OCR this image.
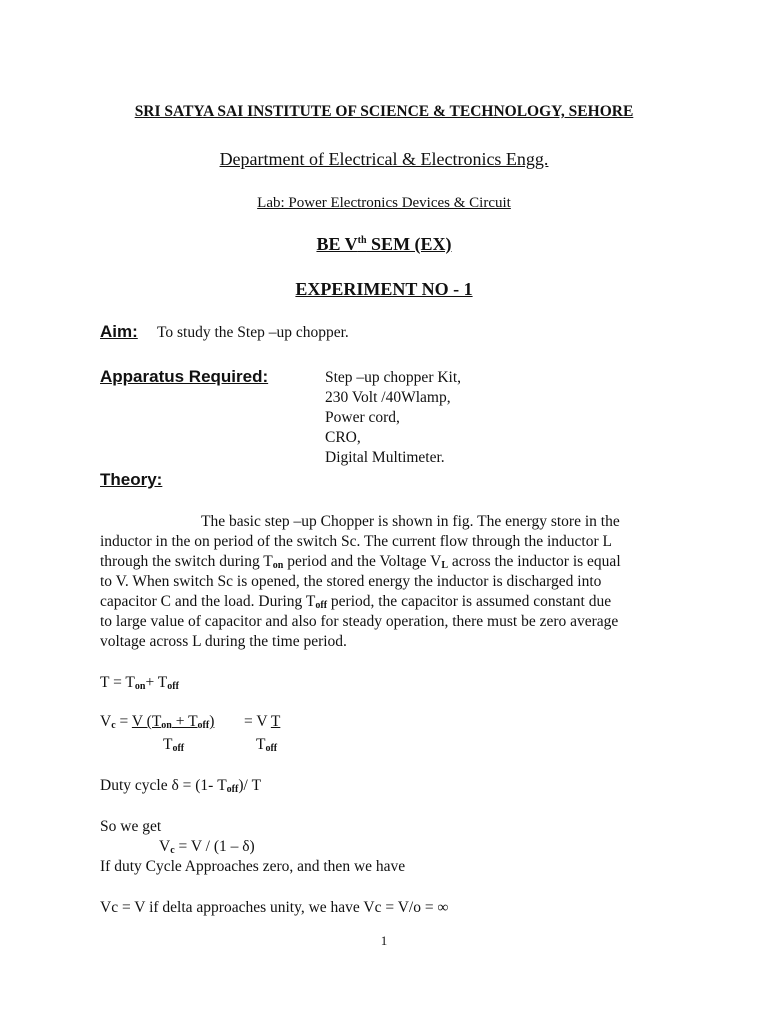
SRI SATYA SAI INSTITUTE OF SCIENCE & TECHNOLOGY, SEHORE
Department of Electrical & Electronics Engg.
Lab: Power Electronics Devices & Circuit
BE Vth SEM (EX)
EXPERIMENT NO - 1
Aim: To study the Step –up chopper.
Apparatus Required:	Step –up chopper Kit,
230 Volt /40Wlamp,
Power cord,
CRO,
Digital Multimeter.
Theory:
The basic step –up Chopper is shown in fig. The energy store in the
inductor in the on period of the switch Sc. The current flow through the inductor L
through the switch during $T_{on}$ period and the Voltage $V_L$ across the inductor is equal
to V. When switch Sc is opened, the stored energy the inductor is discharged into
capacitor C and the load. During $T_{off}$ period, the capacitor is assumed constant due
to large value of capacitor and also for steady operation, there must be zero average
voltage across L during the time period.
$T = T_{on}+ T_{off}$
$V_c = V$ $(T_{on} + T_{off}) = V$ T
$T_{off}$	$T_{off}$
Duty cycle δ = (1- $T_{off})/$ T
So we get
$V_c = V / (1 - \delta)$
If duty Cycle Approaches zero, and then we have
Vc = V if delta approaches unity, we have Vc = V/o = ∞
1
